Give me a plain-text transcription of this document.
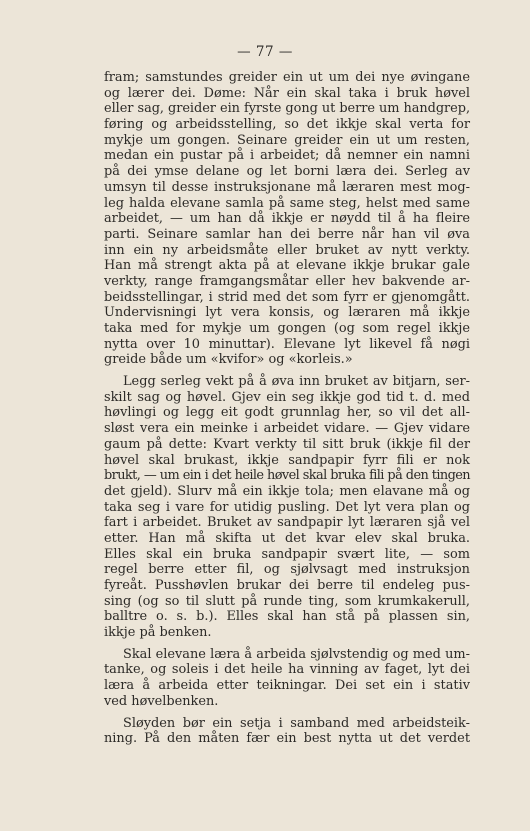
— 77 —
fram; samstundes greider ein ut um dei nye øvingane
og lærer dei. Døme: Når ein skal taka i bruk høvel
eller sag, greider ein fyrste gong ut berre um handgrep,
føring og arbeidsstelling, so det ikkje skal verta for
mykje um gongen. Seinare greider ein ut um resten,
medan ein pustar på i arbeidet; då nemner ein namni
på dei ymse delane og let borni læra dei. Serleg av
umsyn til desse instruksjonane må læraren mest mog-
leg halda elevane samla på same steg, helst med same
arbeidet, — um han då ikkje er nøydd til å ha fleire
parti. Seinare samlar han dei berre når han vil øva
inn ein ny arbeidsmåte eller bruket av nytt verkty.
Han må strengt akta på at elevane ikkje brukar gale
verkty, range framgangsmåtar eller hev bakvende ar-
beidsstellingar, i strid med det som fyrr er gjenomgått.
Undervisningi lyt vera konsis, og læraren må ikkje
taka med for mykje um gongen (og som regel ikkje
nytta over 10 minuttar). Elevane lyt likevel få nøgi
greide både um «kvifor» og «korleis.»
Legg serleg vekt på å øva inn bruket av bitjarn, ser-
skilt sag og høvel. Gjev ein seg ikkje god tid t. d. med
høvlingi og legg eit godt grunnlag her, so vil det all-
sløst vera ein meinke i arbeidet vidare. — Gjev vidare
gaum på dette: Kvart verkty til sitt bruk (ikkje fil der
høvel skal brukast, ikkje sandpapir fyrr fili er nok
brukt, — um ein i det heile høvel skal bruka fili på den tingen
det gjeld). Slurv må ein ikkje tola; men elavane må og
taka seg i vare for utidig pusling. Det lyt vera plan og
fart i arbeidet. Bruket av sandpapir lyt læraren sjå vel
etter. Han må skifta ut det kvar elev skal bruka.
Elles skal ein bruka sandpapir svært lite, — som
regel berre etter fil, og sjølvsagt med instruksjon
fyreåt. Pusshøvlen brukar dei berre til endeleg pus-
sing (og so til slutt på runde ting, som krumkakerull,
balltre o. s. b.). Elles skal han stå på plassen sin,
ikkje på benken.
Skal elevane læra å arbeida sjølvstendig og med um-
tanke, og soleis i det heile ha vinning av faget, lyt dei
læra å arbeida etter teikningar. Dei set ein i stativ
ved høvelbenken.
Sløyden bør ein setja i samband med arbeidsteik-
ning. På den måten fær ein best nytta ut det verdet
